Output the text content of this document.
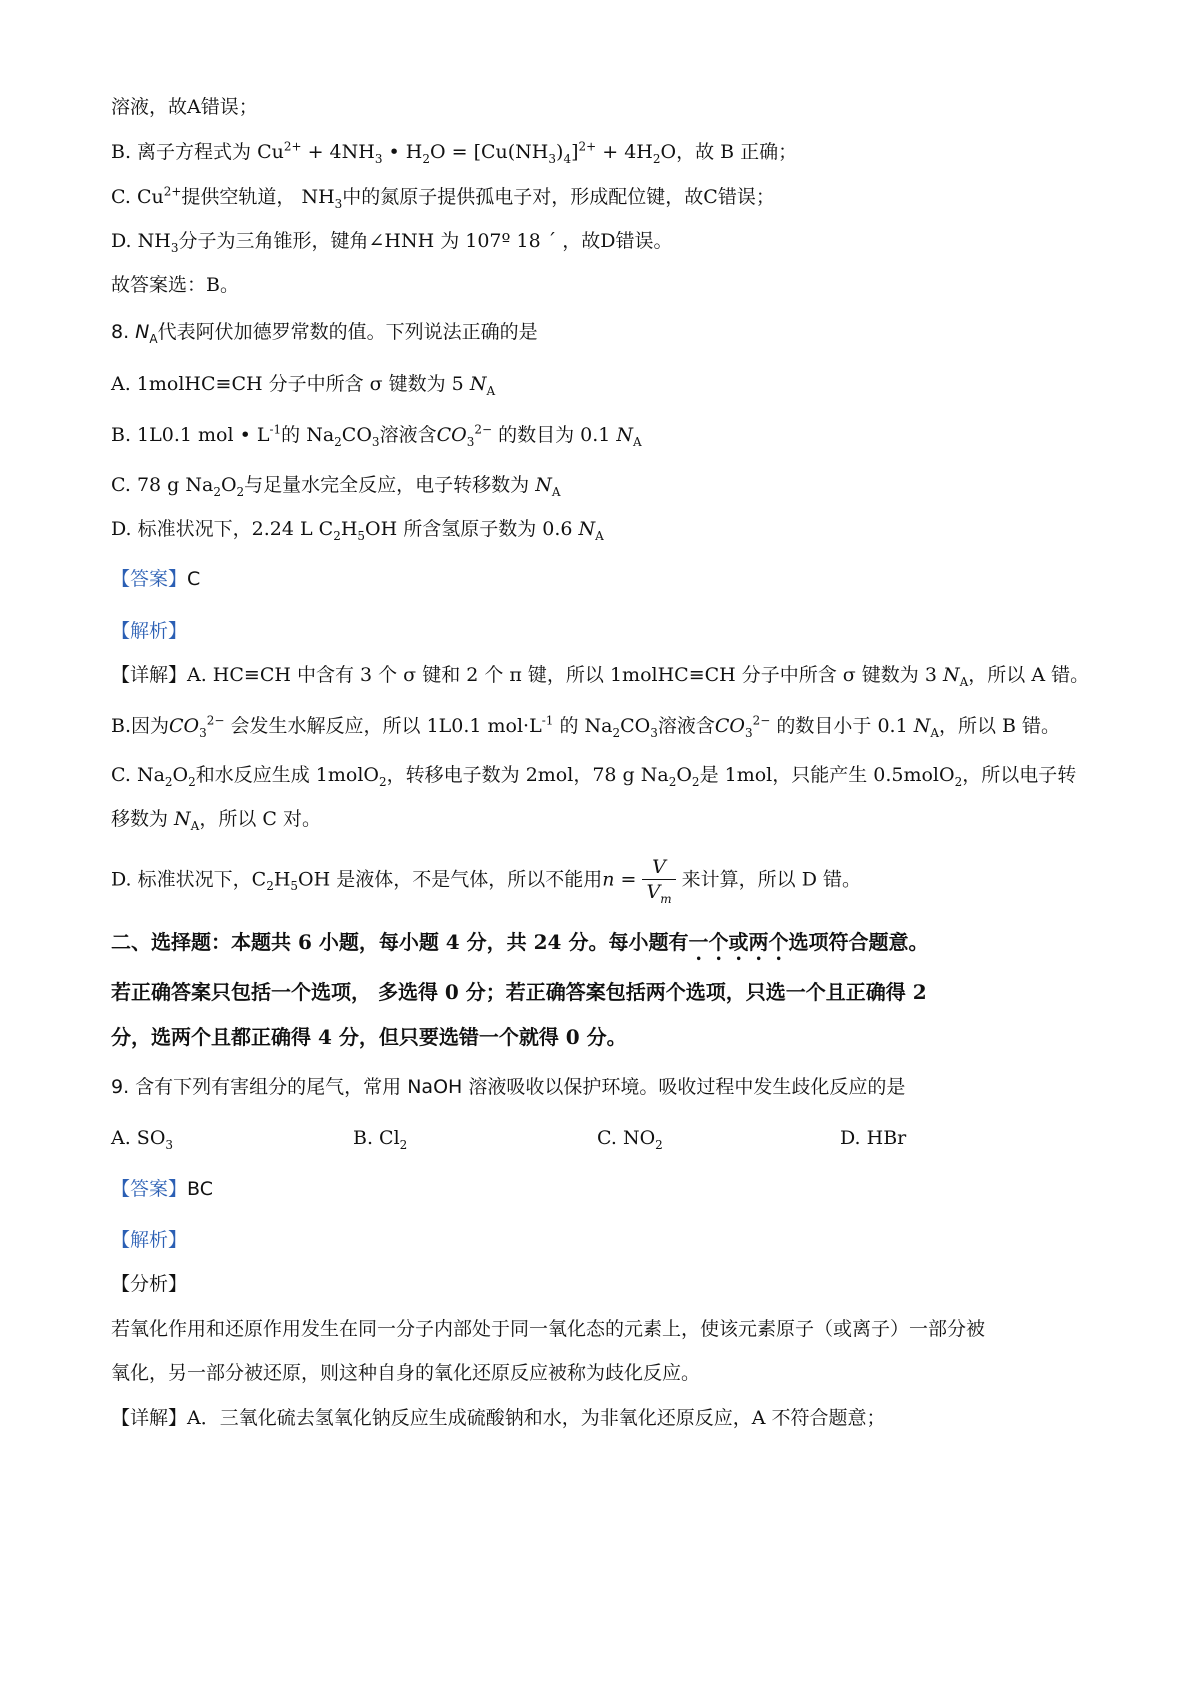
溶液，故A错误；
B. 离子方程式为 $Cu^{2+} + 4NH_3$ • $H_2O = [Cu(NH_3)_4]^{2+} + 4H_2O$，故 B 正确；
C. $Cu^{2+}$提供空轨道， $NH_3$中的氮原子提供孤电子对，形成配位键，故C错误；
D. $NH_3$分子为三角锥形，键角∠HNH 为 107º 18 ´ ，故D错误。
故答案选：B。
8. $N_A$代表阿伏加德罗常数的值。下列说法正确的是
A. 1molHC≡CH 分子中所含 σ 键数为 5 $N_A$
B. 1L0.1 mol • $L^{-1}$的 $Na_2CO_3$溶液含$CO_3^{2-}$ 的数目为 0.1 $N_A$
C. 78 g $Na_2O_2$与足量水完全反应，电子转移数为 $N_A$
D. 标准状况下，2.24 L $C_2H_5OH$ 所含氢原子数为 0.6 $N_A$
【答案】C
【解析】
【详解】A. HC≡CH 中含有 3 个 σ 键和 2 个 π 键，所以 1molHC≡CH 分子中所含 σ 键数为 3 $N_A$，所以 A 错。
B.因为$CO_3^{2-}$ 会发生水解反应，所以 1L0.1 $mol\cdot L^{-1}$ 的 $Na_2CO_3$溶液含$CO_3^{2-}$ 的数目小于 0.1 $N_A$，所以 B 错。
C. $Na_2O_2$和水反应生成 1molO$_2$，转移电子数为 2mol，78 g $Na_2O_2$是 1mol，只能产生 0.5molO$_2$，所以电子转
移数为 $N_A$，所以 C 对。
D. 标准状况下，$C_2H_5OH$ 是液体，不是气体，所以不能用$n = \frac{V}{V_m}$ 来计算，所以 D 错。
二、选择题：本题共 6 小题，每小题 4 分，共 24 分。每小题有一个或两个选项符合题意。
若正确答案只包括一个选项， 多选得 0 分；若正确答案包括两个选项，只选一个且正确得 2
分，选两个且都正确得 4 分，但只要选错一个就得 0 分。
9. 含有下列有害组分的尾气，常用 NaOH 溶液吸收以保护环境。吸收过程中发生歧化反应的是
A. $SO_3$	B. $Cl_2$	C. $NO_2$	D. HBr
【答案】BC
【解析】
【分析】
若氧化作用和还原作用发生在同一分子内部处于同一氧化态的元素上，使该元素原子（或离子）一部分被
氧化，另一部分被还原，则这种自身的氧化还原反应被称为歧化反应。
【详解】A．三氧化硫去氢氧化钠反应生成硫酸钠和水，为非氧化还原反应，A 不符合题意；
